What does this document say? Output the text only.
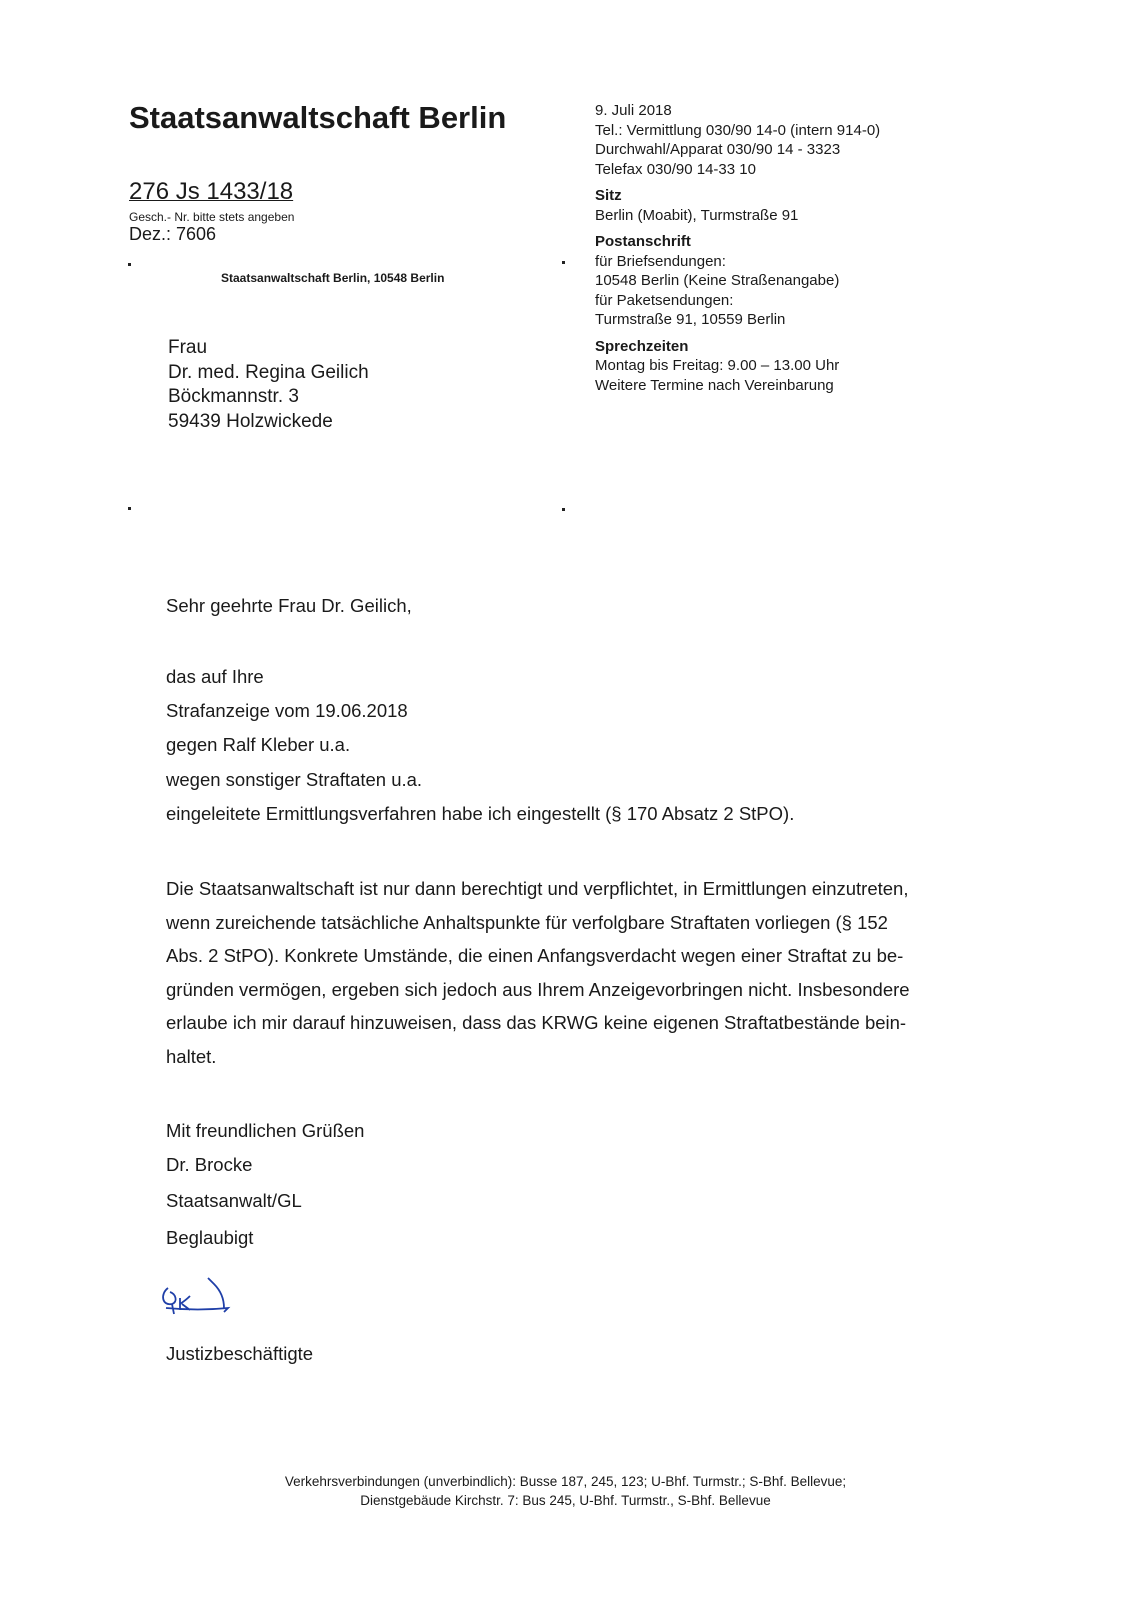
Staatsanwaltschaft Berlin
276 Js 1433/18
Gesch.- Nr. bitte stets angeben
Dez.: 7606
Staatsanwaltschaft Berlin, 10548 Berlin
Frau
Dr. med. Regina Geilich
Böckmannstr. 3
59439 Holzwickede
9. Juli 2018
Tel.: Vermittlung 030/90 14-0 (intern 914-0)
Durchwahl/Apparat 030/90 14 - 3323
Telefax 030/90 14-33 10
Sitz
Berlin (Moabit), Turmstraße 91
Postanschrift
für Briefsendungen:
10548 Berlin (Keine Straßenangabe)
für Paketsendungen:
Turmstraße 91, 10559 Berlin
Sprechzeiten
Montag bis Freitag: 9.00 – 13.00 Uhr
Weitere Termine nach Vereinbarung
Sehr geehrte Frau Dr. Geilich,
das auf Ihre
Strafanzeige vom 19.06.2018
gegen Ralf Kleber u.a.
wegen sonstiger Straftaten u.a.
eingeleitete Ermittlungsverfahren habe ich eingestellt (§ 170 Absatz 2 StPO).
Die Staatsanwaltschaft ist nur dann berechtigt und verpflichtet, in Ermittlungen einzutreten,
wenn zureichende tatsächliche Anhaltspunkte für verfolgbare Straftaten vorliegen (§ 152
Abs. 2 StPO). Konkrete Umstände, die einen Anfangsverdacht wegen einer Straftat zu be-
gründen vermögen, ergeben sich jedoch aus Ihrem Anzeigevorbringen nicht. Insbesondere
erlaube ich mir darauf hinzuweisen, dass das KRWG keine eigenen Straftatbestände bein-
haltet.
Mit freundlichen Grüßen
Dr. Brocke
Staatsanwalt/GL
Beglaubigt
Justizbeschäftigte
Verkehrsverbindungen (unverbindlich): Busse 187, 245, 123; U-Bhf. Turmstr.; S-Bhf. Bellevue;
Dienstgebäude Kirchstr. 7: Bus 245, U-Bhf. Turmstr., S-Bhf. Bellevue
